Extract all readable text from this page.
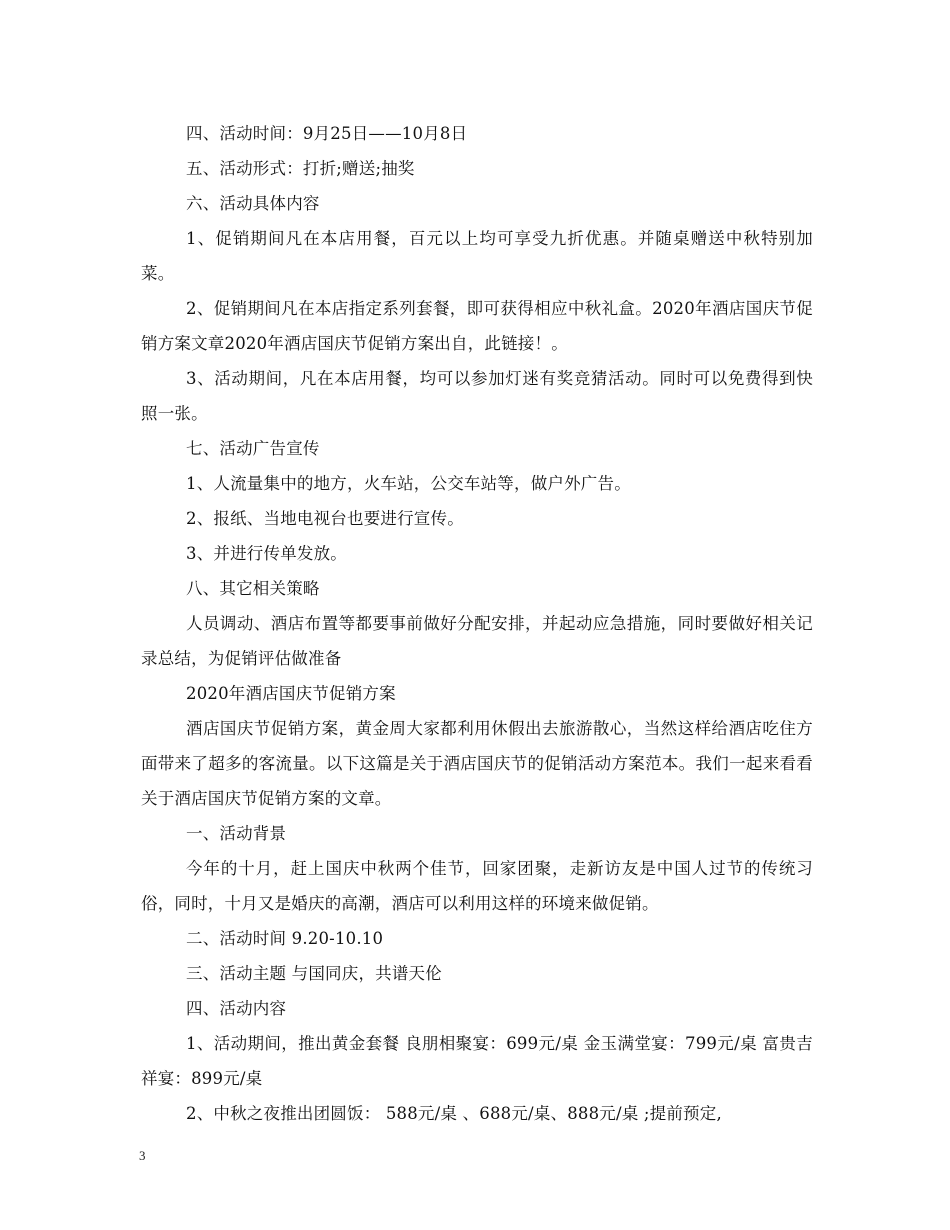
四、活动时间：9月25日——10月8日

五、活动形式：打折;赠送;抽奖

六、活动具体内容

1、促销期间凡在本店用餐，百元以上均可享受九折优惠。并随桌赠送中秋特别加菜。

2、促销期间凡在本店指定系列套餐，即可获得相应中秋礼盒。2020年酒店国庆节促销方案文章2020年酒店国庆节促销方案出自，此链接！。

3、活动期间，凡在本店用餐，均可以参加灯迷有奖竞猜活动。同时可以免费得到快照一张。

七、活动广告宣传

1、人流量集中的地方，火车站，公交车站等，做户外广告。

2、报纸、当地电视台也要进行宣传。

3、并进行传单发放。

八、其它相关策略

人员调动、酒店布置等都要事前做好分配安排，并起动应急措施，同时要做好相关记录总结，为促销评估做准备

2020年酒店国庆节促销方案

酒店国庆节促销方案，黄金周大家都利用休假出去旅游散心，当然这样给酒店吃住方面带来了超多的客流量。以下这篇是关于酒店国庆节的促销活动方案范本。我们一起来看看关于酒店国庆节促销方案的文章。

一、活动背景

今年的十月，赶上国庆中秋两个佳节，回家团聚，走新访友是中国人过节的传统习俗，同时，十月又是婚庆的高潮，酒店可以利用这样的环境来做促销。

二、活动时间 9.20-10.10

三、活动主题 与国同庆，共谱天伦

四、活动内容

1、活动期间，推出黄金套餐 良朋相聚宴：699元/桌 金玉满堂宴：799元/桌 富贵吉祥宴：899元/桌

2、中秋之夜推出团圆饭： 588元/桌 、688元/桌、888元/桌 ;提前预定,

3
